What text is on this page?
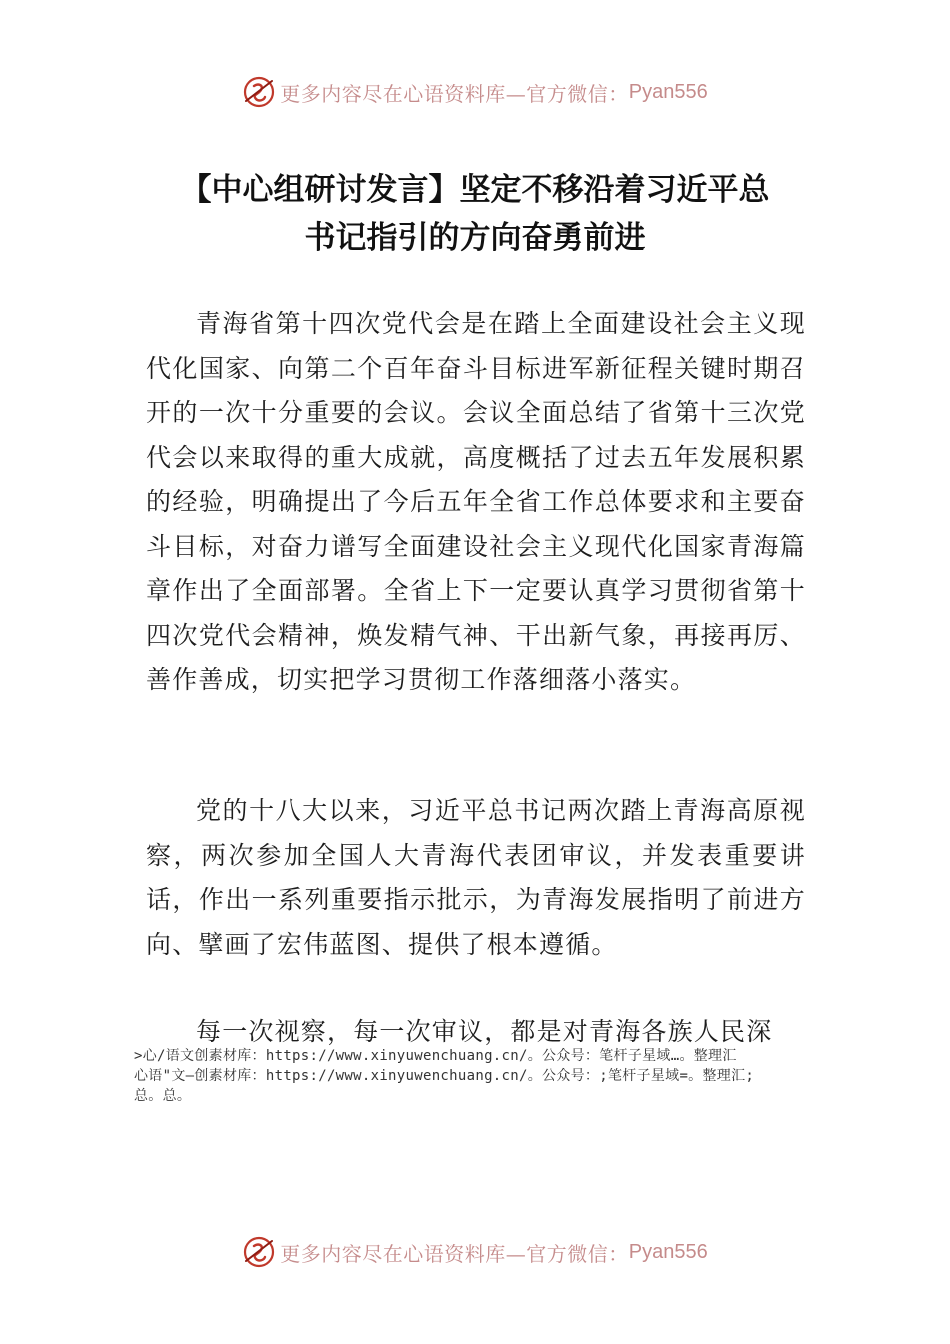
更多内容尽在心语资料库—官方微信： Pyan556
【中心组研讨发言】坚定不移沿着习近平总
书记指引的方向奋勇前进

青海省第十四次党代会是在踏上全面建设社会主义现代化国家、向第二个百年奋斗目标进军新征程关键时期召开的一次十分重要的会议。会议全面总结了省第十三次党代会以来取得的重大成就，高度概括了过去五年发展积累的经验，明确提出了今后五年全省工作总体要求和主要奋斗目标，对奋力谱写全面建设社会主义现代化国家青海篇章作出了全面部署。全省上下一定要认真学习贯彻省第十四次党代会精神，焕发精气神、干出新气象，再接再厉、善作善成，切实把学习贯彻工作落细落小落实。

党的十八大以来，习近平总书记两次踏上青海高原视察，两次参加全国人大青海代表团审议，并发表重要讲话，作出一系列重要指示批示，为青海发展指明了前进方向、擘画了宏伟蓝图、提供了根本遵循。

每一次视察，每一次审议，都是对青海各族人民深

>心/语文创素材库：https://www.xinyuwenchuang.cn/。公众号：笔杆子星域…。整理汇
心语"文—创素材库：https://www.xinyuwenchuang.cn/。公众号：;笔杆子星域=。整理汇;
总。总。
更多内容尽在心语资料库—官方微信： Pyan556
